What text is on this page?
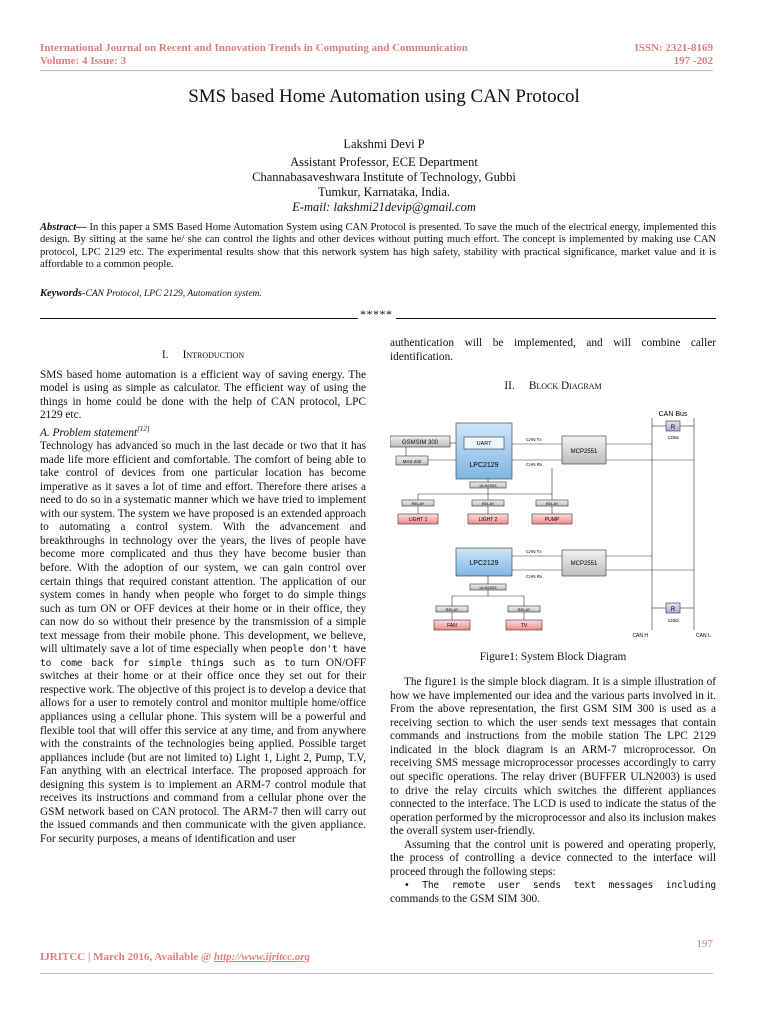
International Journal on Recent and Innovation Trends in Computing and Communication
Volume: 4 Issue: 3
ISSN: 2321-8169
197 -202
SMS based Home Automation using CAN Protocol
Lakshmi Devi P
Assistant Professor, ECE Department
Channabasaveshwara Institute of Technology, Gubbi
Tumkur, Karnataka, India.
E-mail: lakshmi21devip@gmail.com
Abstract— In this paper a SMS Based Home Automation System using CAN Protocol is presented. To save the much of the electrical energy, implemented this design. By sitting at the same he/ she can control the lights and other devices without putting much effort. The concept is implemented by making use CAN protocol, LPC 2129 etc. The experimental results show that this network system has high safety, stability with practical significance, market value and it is affordable to a common people.
Keywords-CAN Protocol, LPC 2129, Automation system.
*****
I. Introduction

SMS based home automation is a efficient way of saving energy. The model is using as simple as calculator. The efficient way of using the things in home could be done with the help of CAN protocol, LPC 2129 etc.

A. Problem statement[12]

Technology has advanced so much in the last decade or two that it has made life more efficient and comfortable. The comfort of being able to take control of devices from one particular location has become imperative as it saves a lot of time and effort. Therefore there arises a need to do so in a systematic manner which we have tried to implement with our system. The system we have proposed is an extended approach to automating a control system. With the advancement and breakthroughs in technology over the years, the lives of people have become more complicated and thus they have become busier than before. With the adoption of our system, we can gain control over certain things that required constant attention. The application of our system comes in handy when people who forget to do simple things such as turn ON or OFF devices at their home or in their office, they can now do so without their presence by the transmission of a simple text message from their mobile phone. This development, we believe, will ultimately save a lot of time especially when people don't have to come back for simple things such as to turn ON/OFF switches at their home or at their office once they set out for their respective work. The objective of this project is to develop a device that allows for a user to remotely control and monitor multiple home/office appliances using a cellular phone. This system will be a powerful and flexible tool that will offer this service at any time, and from anywhere with the constraints of the technologies being applied. Possible target appliances include (but are not limited to) Light 1, Light 2, Pump, T.V, Fan anything with an electrical interface. The proposed approach for designing this system is to implement an ARM-7 control module that receives its instructions and command from a cellular phone over the GSM network based on CAN protocol. The ARM-7 then will carry out the issued commands and then communicate with the given appliance. For security purposes, a means of identification and user

authentication will be implemented, and will combine caller identification.

II. Block Diagram
GSMSIM 300
MAX 232
UART
LPC2129
ULN2003
MCP2551
CAN Tx
CAN Rx
CAN Bus
R
120Ω
RELAY	RELAY	RELAY
LIGHT 1	LIGHT 2	PUMP
LPC2129	MCP2551
CAN Tx
CAN Rx
ULN2003
RELAY	RELAY
FAN	TV
R
120Ω
CAN H	CAN L
Figure1: System Block Diagram

The figure1 is the simple block diagram. It is a simple illustration of how we have implemented our idea and the various parts involved in it. From the above representation, the first GSM SIM 300 is used as a receiving section to which the user sends text messages that contain commands and instructions from the mobile station The LPC 2129 indicated in the block diagram is an ARM-7 microprocessor. On receiving SMS message microprocessor processes accordingly to carry out specific operations. The relay driver (BUFFER ULN2003) is used to drive the relay circuits which switches the different appliances connected to the interface. The LCD is used to indicate the status of the operation performed by the microprocessor and also its inclusion makes the overall system user-friendly.

Assuming that the control unit is powered and operating properly, the process of controlling a device connected to the interface will proceed through the following steps:

• The remote user sends text messages including commands to the GSM SIM 300.

197
IJRITCC | March 2016, Available @ http://www.ijritcc.org
